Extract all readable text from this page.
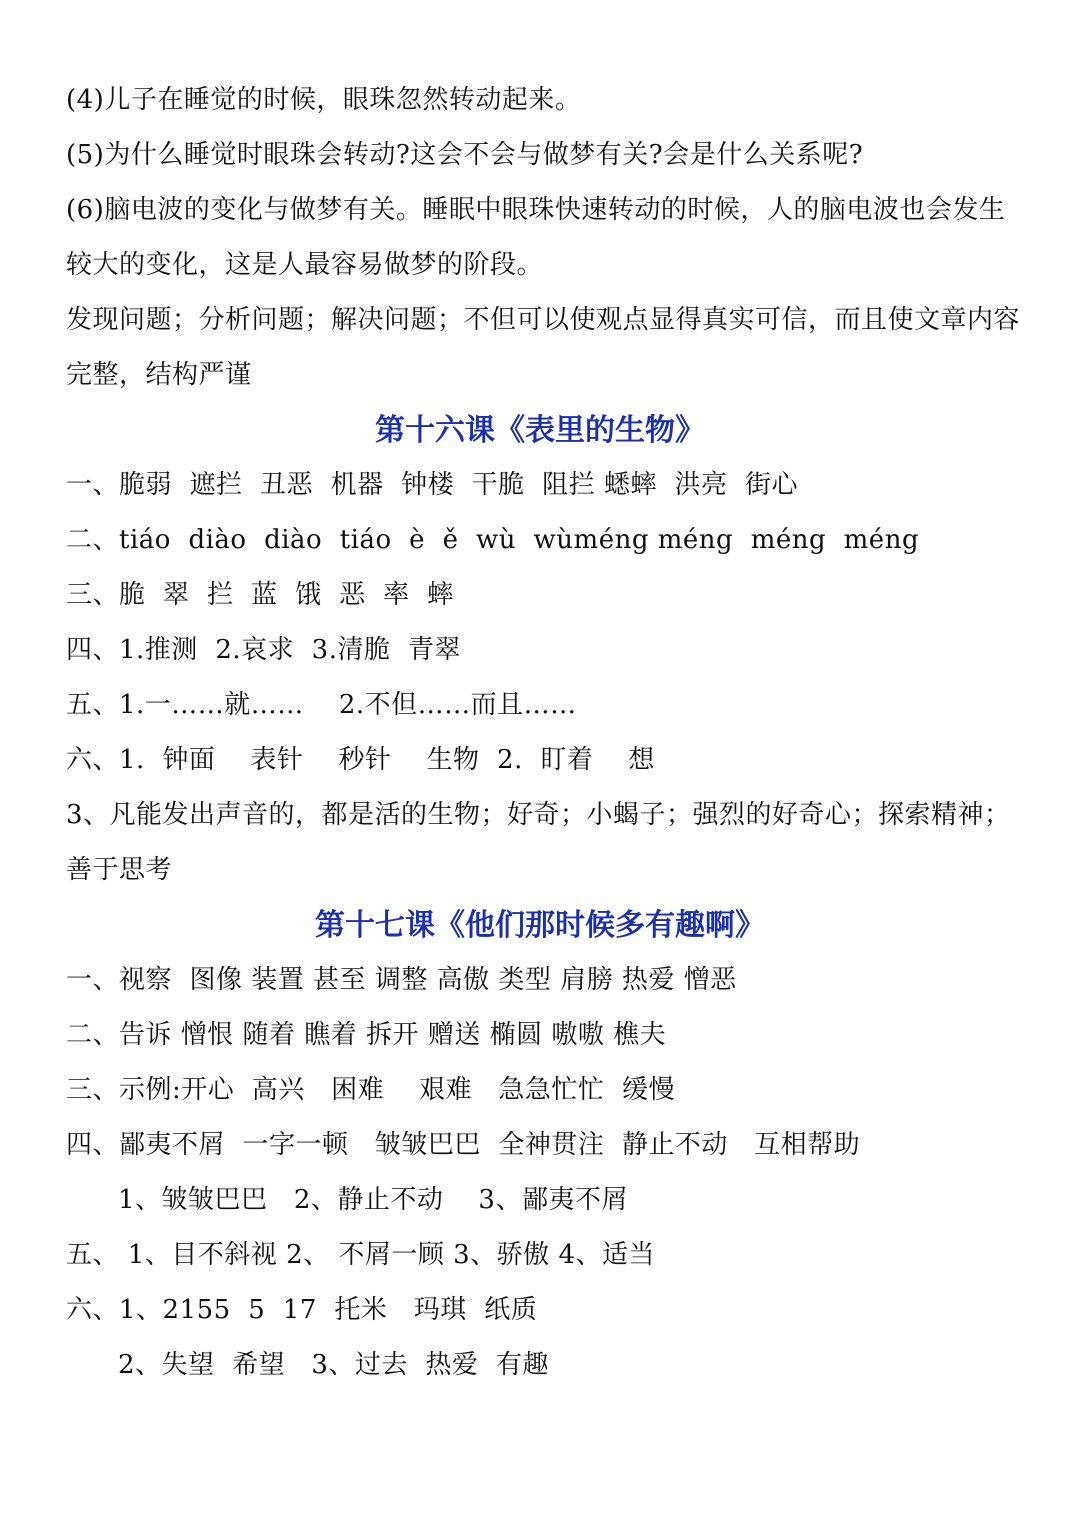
(4)儿子在睡觉的时候，眼珠忽然转动起来。
(5)为什么睡觉时眼珠会转动?这会不会与做梦有关?会是什么关系呢?
(6)脑电波的变化与做梦有关。睡眠中眼珠快速转动的时候，人的脑电波也会发生
较大的变化，这是人最容易做梦的阶段。
发现问题；分析问题；解决问题；不但可以使观点显得真实可信，而且使文章内容
完整，结构严谨
第十六课《表里的生物》
一、脆弱  遮拦  丑恶  机器  钟楼  干脆  阻拦 蟋蟀  洪亮  街心
二、tiáo  diào  diào  tiáo  è  ě  wù  wùméng méng  méng  méng
三、脆  翠  拦  蓝  饿  恶  率  蟀
四、1.推测  2.哀求  3.清脆  青翠
五、1.一……就……    2.不但……而且……
六、1.  钟面    表针    秒针    生物  2.  盯着    想
3、凡能发出声音的，都是活的生物；好奇；小蝎子；强烈的好奇心；探索精神；
善于思考
第十七课《他们那时候多有趣啊》
一、视察  图像 装置 甚至 调整 高傲 类型 肩膀 热爱 憎恶
二、告诉 憎恨 随着 瞧着 拆开 赠送 椭圆 嗷嗷 樵夫
三、示例:开心  高兴   困难    艰难   急急忙忙  缓慢
四、鄙夷不屑  一字一顿   皱皱巴巴  全神贯注  静止不动   互相帮助
1、皱皱巴巴   2、静止不动    3、鄙夷不屑
五、 1、目不斜视 2、 不屑一顾 3、骄傲 4、适当
六、1、2155  5  17  托米   玛琪  纸质
2、失望  希望   3、过去  热爱  有趣
